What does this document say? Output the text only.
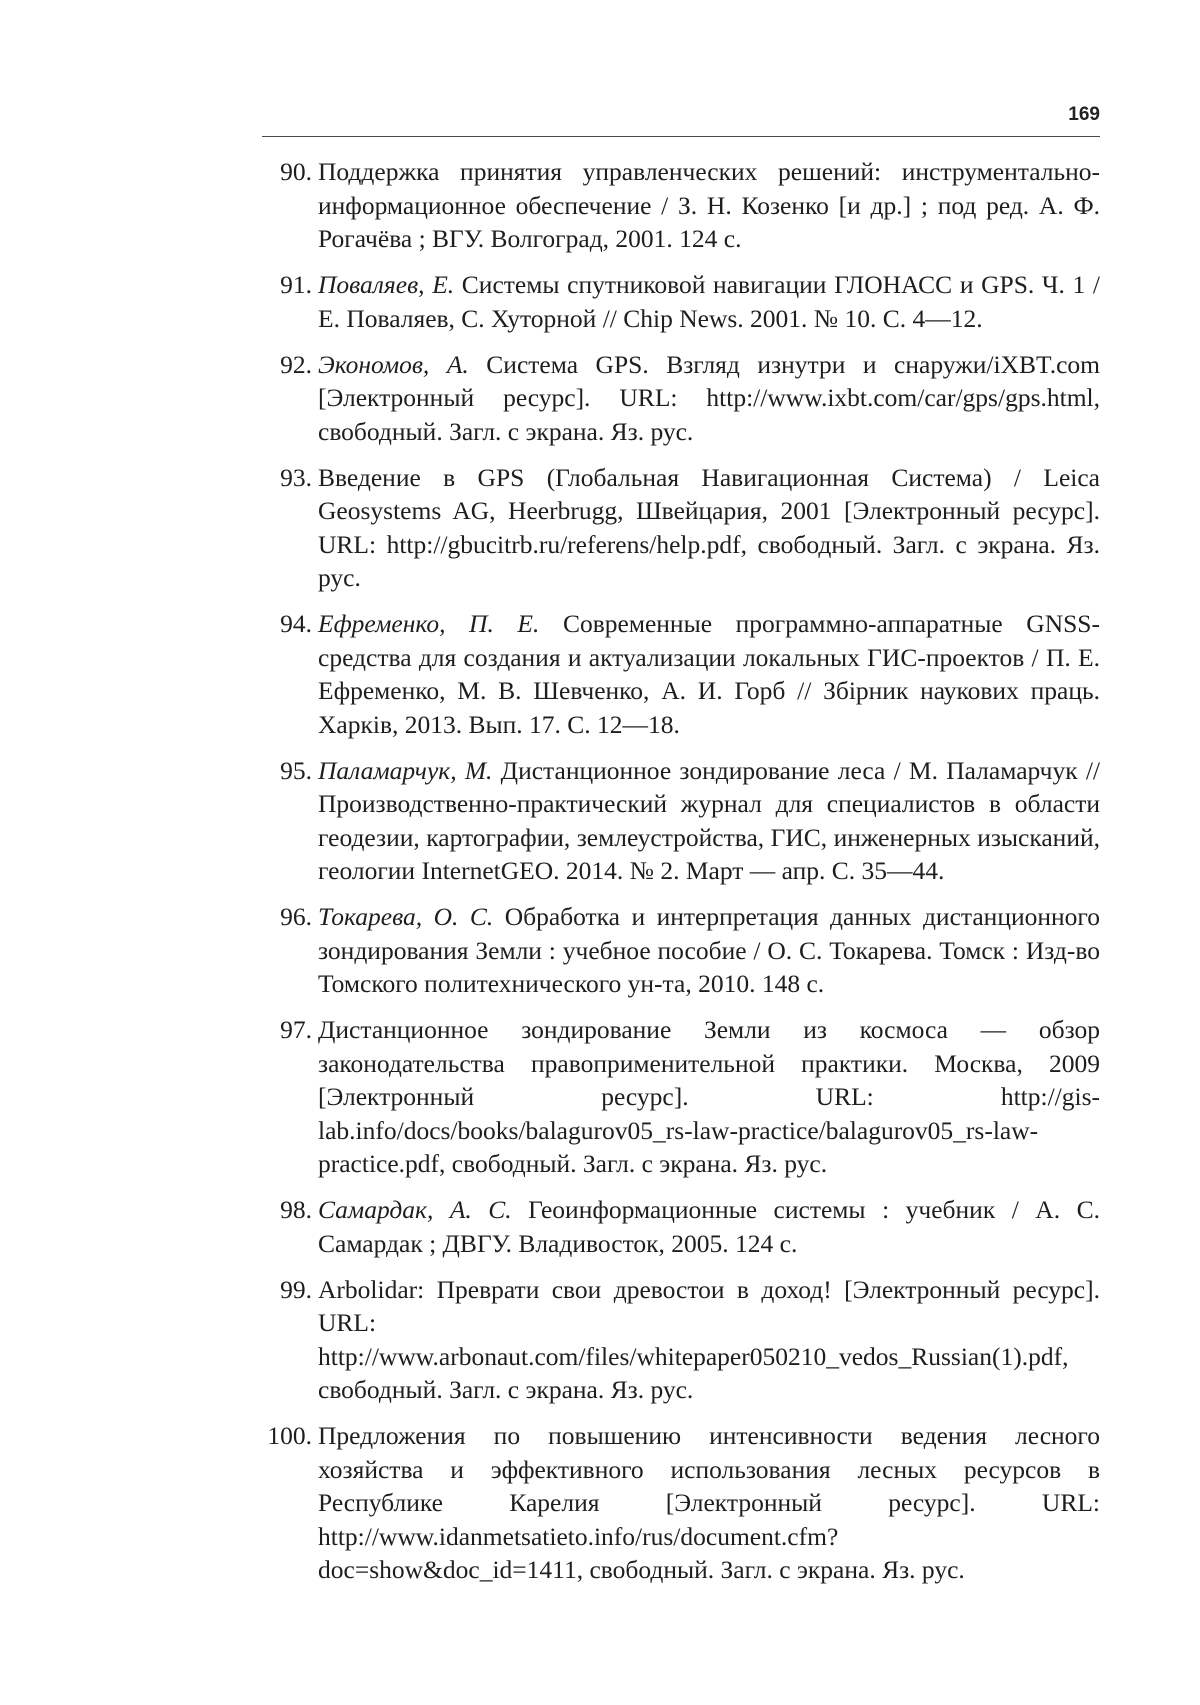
169
90. Поддержка принятия управленческих решений: инструментально-информационное обеспечение / З. Н. Козенко [и др.] ; под ред. А. Ф. Рогачёва ; ВГУ. Волгоград, 2001. 124 с.
91. Поваляев, Е. Системы спутниковой навигации ГЛОНАСС и GPS. Ч. 1 / Е. Поваляев, С. Хуторной // Chip News. 2001. № 10. С. 4—12.
92. Экономов, А. Система GPS. Взгляд изнутри и снаружи/iXBT.com [Электронный ресурс]. URL: http://www.ixbt.com/car/gps/gps.html, свободный. Загл. с экрана. Яз. рус.
93. Введение в GPS (Глобальная Навигационная Система) / Leica Geosystems AG, Heerbrugg, Швейцария, 2001 [Электронный ресурс]. URL: http://gbucitrb.ru/referens/help.pdf, свободный. Загл. с экрана. Яз. рус.
94. Ефременко, П. Е. Современные программно-аппаратные GNSS-средства для создания и актуализации локальных ГИС-проектов / П. Е. Ефременко, М. В. Шевченко, А. И. Горб // Збірник наукових праць. Харків, 2013. Вып. 17. С. 12—18.
95. Паламарчук, М. Дистанционное зондирование леса / М. Паламарчук // Производственно-практический журнал для специалистов в области геодезии, картографии, землеустройства, ГИС, инженерных изысканий, геологии InternetGEO. 2014. № 2. Март — апр. С. 35—44.
96. Токарева, О. С. Обработка и интерпретация данных дистанционного зондирования Земли : учебное пособие / О. С. Токарева. Томск : Изд-во Томского политехнического ун-та, 2010. 148 с.
97. Дистанционное зондирование Земли из космоса — обзор законодательства правоприменительной практики. Москва, 2009 [Электронный ресурс]. URL: http://gis-lab.info/docs/books/balagurov05_rs-law-practice/balagurov05_rs-law-practice.pdf, свободный. Загл. с экрана. Яз. рус.
98. Самардак, А. С. Геоинформационные системы : учебник / А. С. Самардак ; ДВГУ. Владивосток, 2005. 124 с.
99. Arbolidar: Преврати свои древостои в доход! [Электронный ресурс]. URL: http://www.arbonaut.com/files/whitepaper050210_vedos_Russian(1).pdf, свободный. Загл. с экрана. Яз. рус.
100. Предложения по повышению интенсивности ведения лесного хозяйства и эффективного использования лесных ресурсов в Республике Карелия [Электронный ресурс]. URL: http://www.idanmetsatieto.info/rus/document.cfm?doc=show&doc_id=1411, свободный. Загл. с экрана. Яз. рус.
